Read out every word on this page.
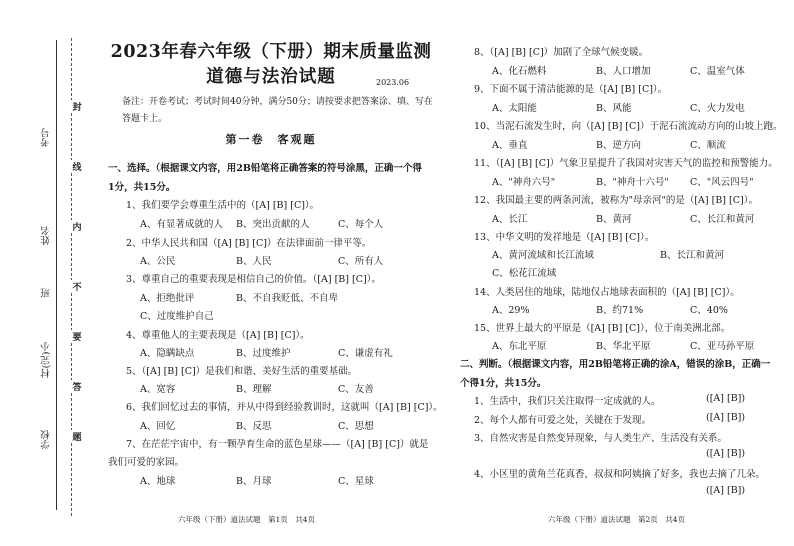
考号
姓名
班
村(完)小
学校
封
线
内
不
要
答
题
2023年春六年级（下册）期末质量监测
道德与法治试题	2023.06
备注：开卷考试；考试时间40分钟，满分50分；请按要求把答案涂、填、写在答题卡上。
第一卷　客观题
一、选择。（根据课文内容，用2B铅笔将正确答案的符号涂黑，正确一个得
1分，共15分。
1、我们要学会尊重生活中的（[A] [B] [C]）。
A、有显著成就的人 B、突出贡献的人	C、每个人
2、中华人民共和国（[A] [B] [C]）在法律面前一律平等。
A、公民	B、人民	C、所有人
3、尊重自己的重要表现是相信自己的价值。（[A] [B] [C]）。
A、拒绝批评	B、不自我贬低、不自卑
C、过度维护自己
4、尊重他人的主要表现是（[A] [B] [C]）。
A、隐瞒缺点	B、过度维护	C、谦虚有礼
5、（[A] [B] [C]）是我们和谐、美好生活的重要基础。
A、宽容	B、理解	C、友善
6、我们回忆过去的事情，并从中得到经验教训时，这就叫（[A] [B] [C]）。
A、回忆	B、反思	C、思想
7、在茫茫宇宙中，有一颗孕育生命的蓝色星球——（[A] [B] [C]）就是
我们可爱的家园。
A、地球	B、月球	C、星球
8、（[A] [B] [C]）加剧了全球气候变暖。
A、化石燃料	B、人口增加	C、温室气体
9、下面不属于清洁能源的是（[A] [B] [C]）。
A、太阳能	B、风能	C、火力发电
10、当泥石流发生时，向（[A] [B] [C]）于泥石流流动方向的山坡上跑。
A、垂直	B、逆方向	C、顺流
11、（[A] [B] [C]）气象卫星提升了我国对灾害天气的监控和预警能力。
A、"神舟六号"	B、"神舟十六号" C、"风云四号"
12、我国最主要的两条河流，被称为"母亲河"的是（[A] [B] [C]）。
A、长江	B、黄河	C、长江和黄河
13、中华文明的发祥地是（[A] [B] [C]）。
A、黄河流域和长江流域	B、长江和黄河
C、松花江流域
14、人类居住的地球，陆地仅占地球表面积的（[A] [B] [C]）。
A、29%	B、约71%	C、40%
15、世界上最大的平原是（[A] [B] [C]），位于南美洲北部。
A、东北平原	B、华北平原	C、亚马孙平原
二、判断。（根据课文内容，用2B铅笔将正确的涂A，错误的涂B，正确一
个得1分，共15分。
1、生活中，我们只关注取得一定成就的人。	([A] [B])
2、每个人都有可爱之处，关键在于发现。	([A] [B])
3、自然灾害是自然变异现象，与人类生产、生活没有关系。
([A] [B])
4、小区里的黄角兰花真香，叔叔和阿姨摘了好多，我也去摘了几朵。
([A] [B])
六年级（下册）道法试题　第1页　共4页	六年级（下册）道法试题　第2页　共4页
